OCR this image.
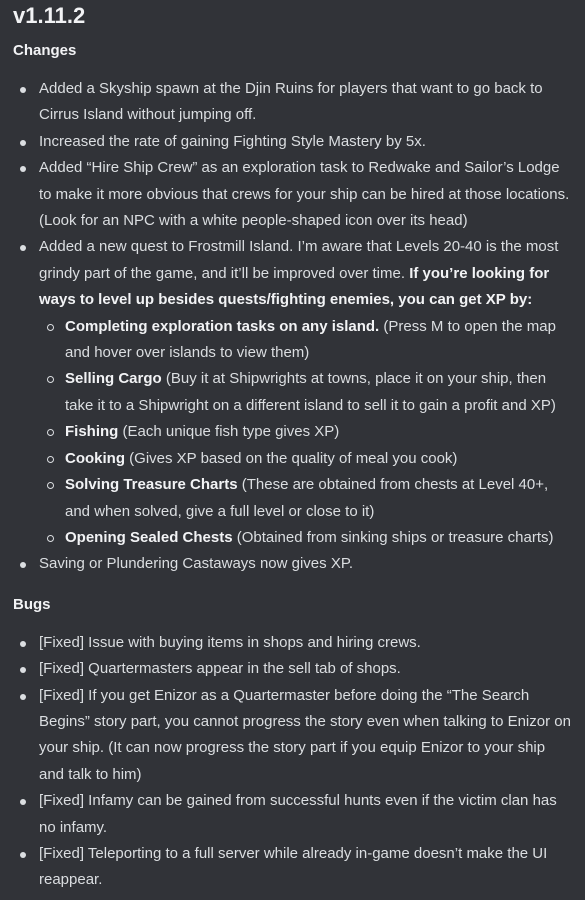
v1.11.2
Changes
Added a Skyship spawn at the Djin Ruins for players that want to go back to Cirrus Island without jumping off.
Increased the rate of gaining Fighting Style Mastery by 5x.
Added “Hire Ship Crew” as an exploration task to Redwake and Sailor’s Lodge to make it more obvious that crews for your ship can be hired at those locations. (Look for an NPC with a white people-shaped icon over its head)
Added a new quest to Frostmill Island. I’m aware that Levels 20-40 is the most grindy part of the game, and it’ll be improved over time. If you’re looking for ways to level up besides quests/fighting enemies, you can get XP by:
Completing exploration tasks on any island. (Press M to open the map and hover over islands to view them)
Selling Cargo (Buy it at Shipwrights at towns, place it on your ship, then take it to a Shipwright on a different island to sell it to gain a profit and XP)
Fishing (Each unique fish type gives XP)
Cooking (Gives XP based on the quality of meal you cook)
Solving Treasure Charts (These are obtained from chests at Level 40+, and when solved, give a full level or close to it)
Opening Sealed Chests (Obtained from sinking ships or treasure charts)
Saving or Plundering Castaways now gives XP.
Bugs
[Fixed] Issue with buying items in shops and hiring crews.
[Fixed] Quartermasters appear in the sell tab of shops.
[Fixed] If you get Enizor as a Quartermaster before doing the “The Search Begins” story part, you cannot progress the story even when talking to Enizor on your ship. (It can now progress the story part if you equip Enizor to your ship and talk to him)
[Fixed] Infamy can be gained from successful hunts even if the victim clan has no infamy.
[Fixed] Teleporting to a full server while already in-game doesn’t make the UI reappear.
